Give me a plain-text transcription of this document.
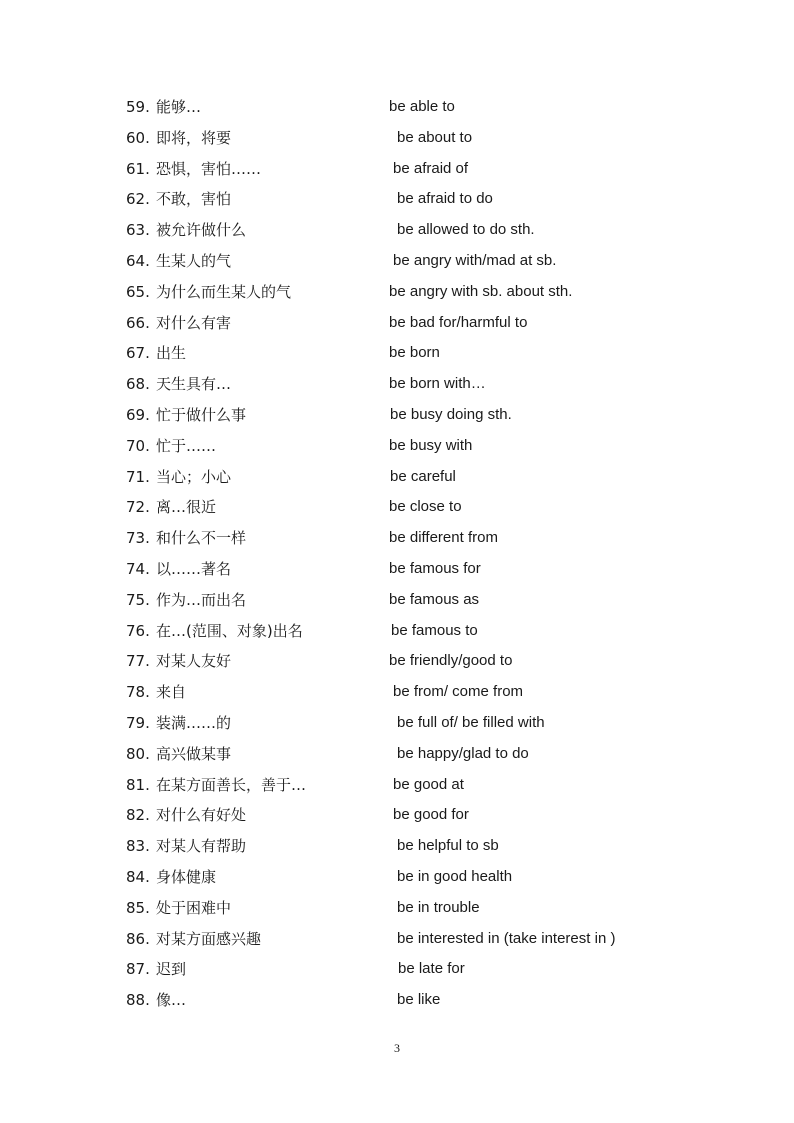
59. 能够…	be able to
60. 即将，将要	be about to
61. 恐惧，害怕……	be afraid of
62. 不敢，害怕	be afraid to do
63. 被允许做什么	be allowed to do sth.
64. 生某人的气	be angry with/mad at sb.
65. 为什么而生某人的气	be angry with sb. about sth.
66. 对什么有害	be bad for/harmful to
67. 出生	be born
68. 天生具有…	be born with…
69. 忙于做什么事	be busy doing sth.
70. 忙于……	be busy with
71. 当心；小心	be careful
72. 离…很近	be close to
73. 和什么不一样	be different from
74. 以……著名	be famous for
75. 作为…而出名	be famous as
76. 在…(范围、对象)出名	be famous to
77. 对某人友好	be friendly/good to
78. 来自	be from/ come from
79. 装满……的	be full of/ be filled with
80. 高兴做某事	be happy/glad to do
81. 在某方面善长，善于…	be good at
82. 对什么有好处	be good for
83. 对某人有帮助	be helpful to sb
84. 身体健康	be in good health
85. 处于困难中	be in trouble
86. 对某方面感兴趣	be interested in (take interest in )
87. 迟到	be late for
88. 像…	be like
3
